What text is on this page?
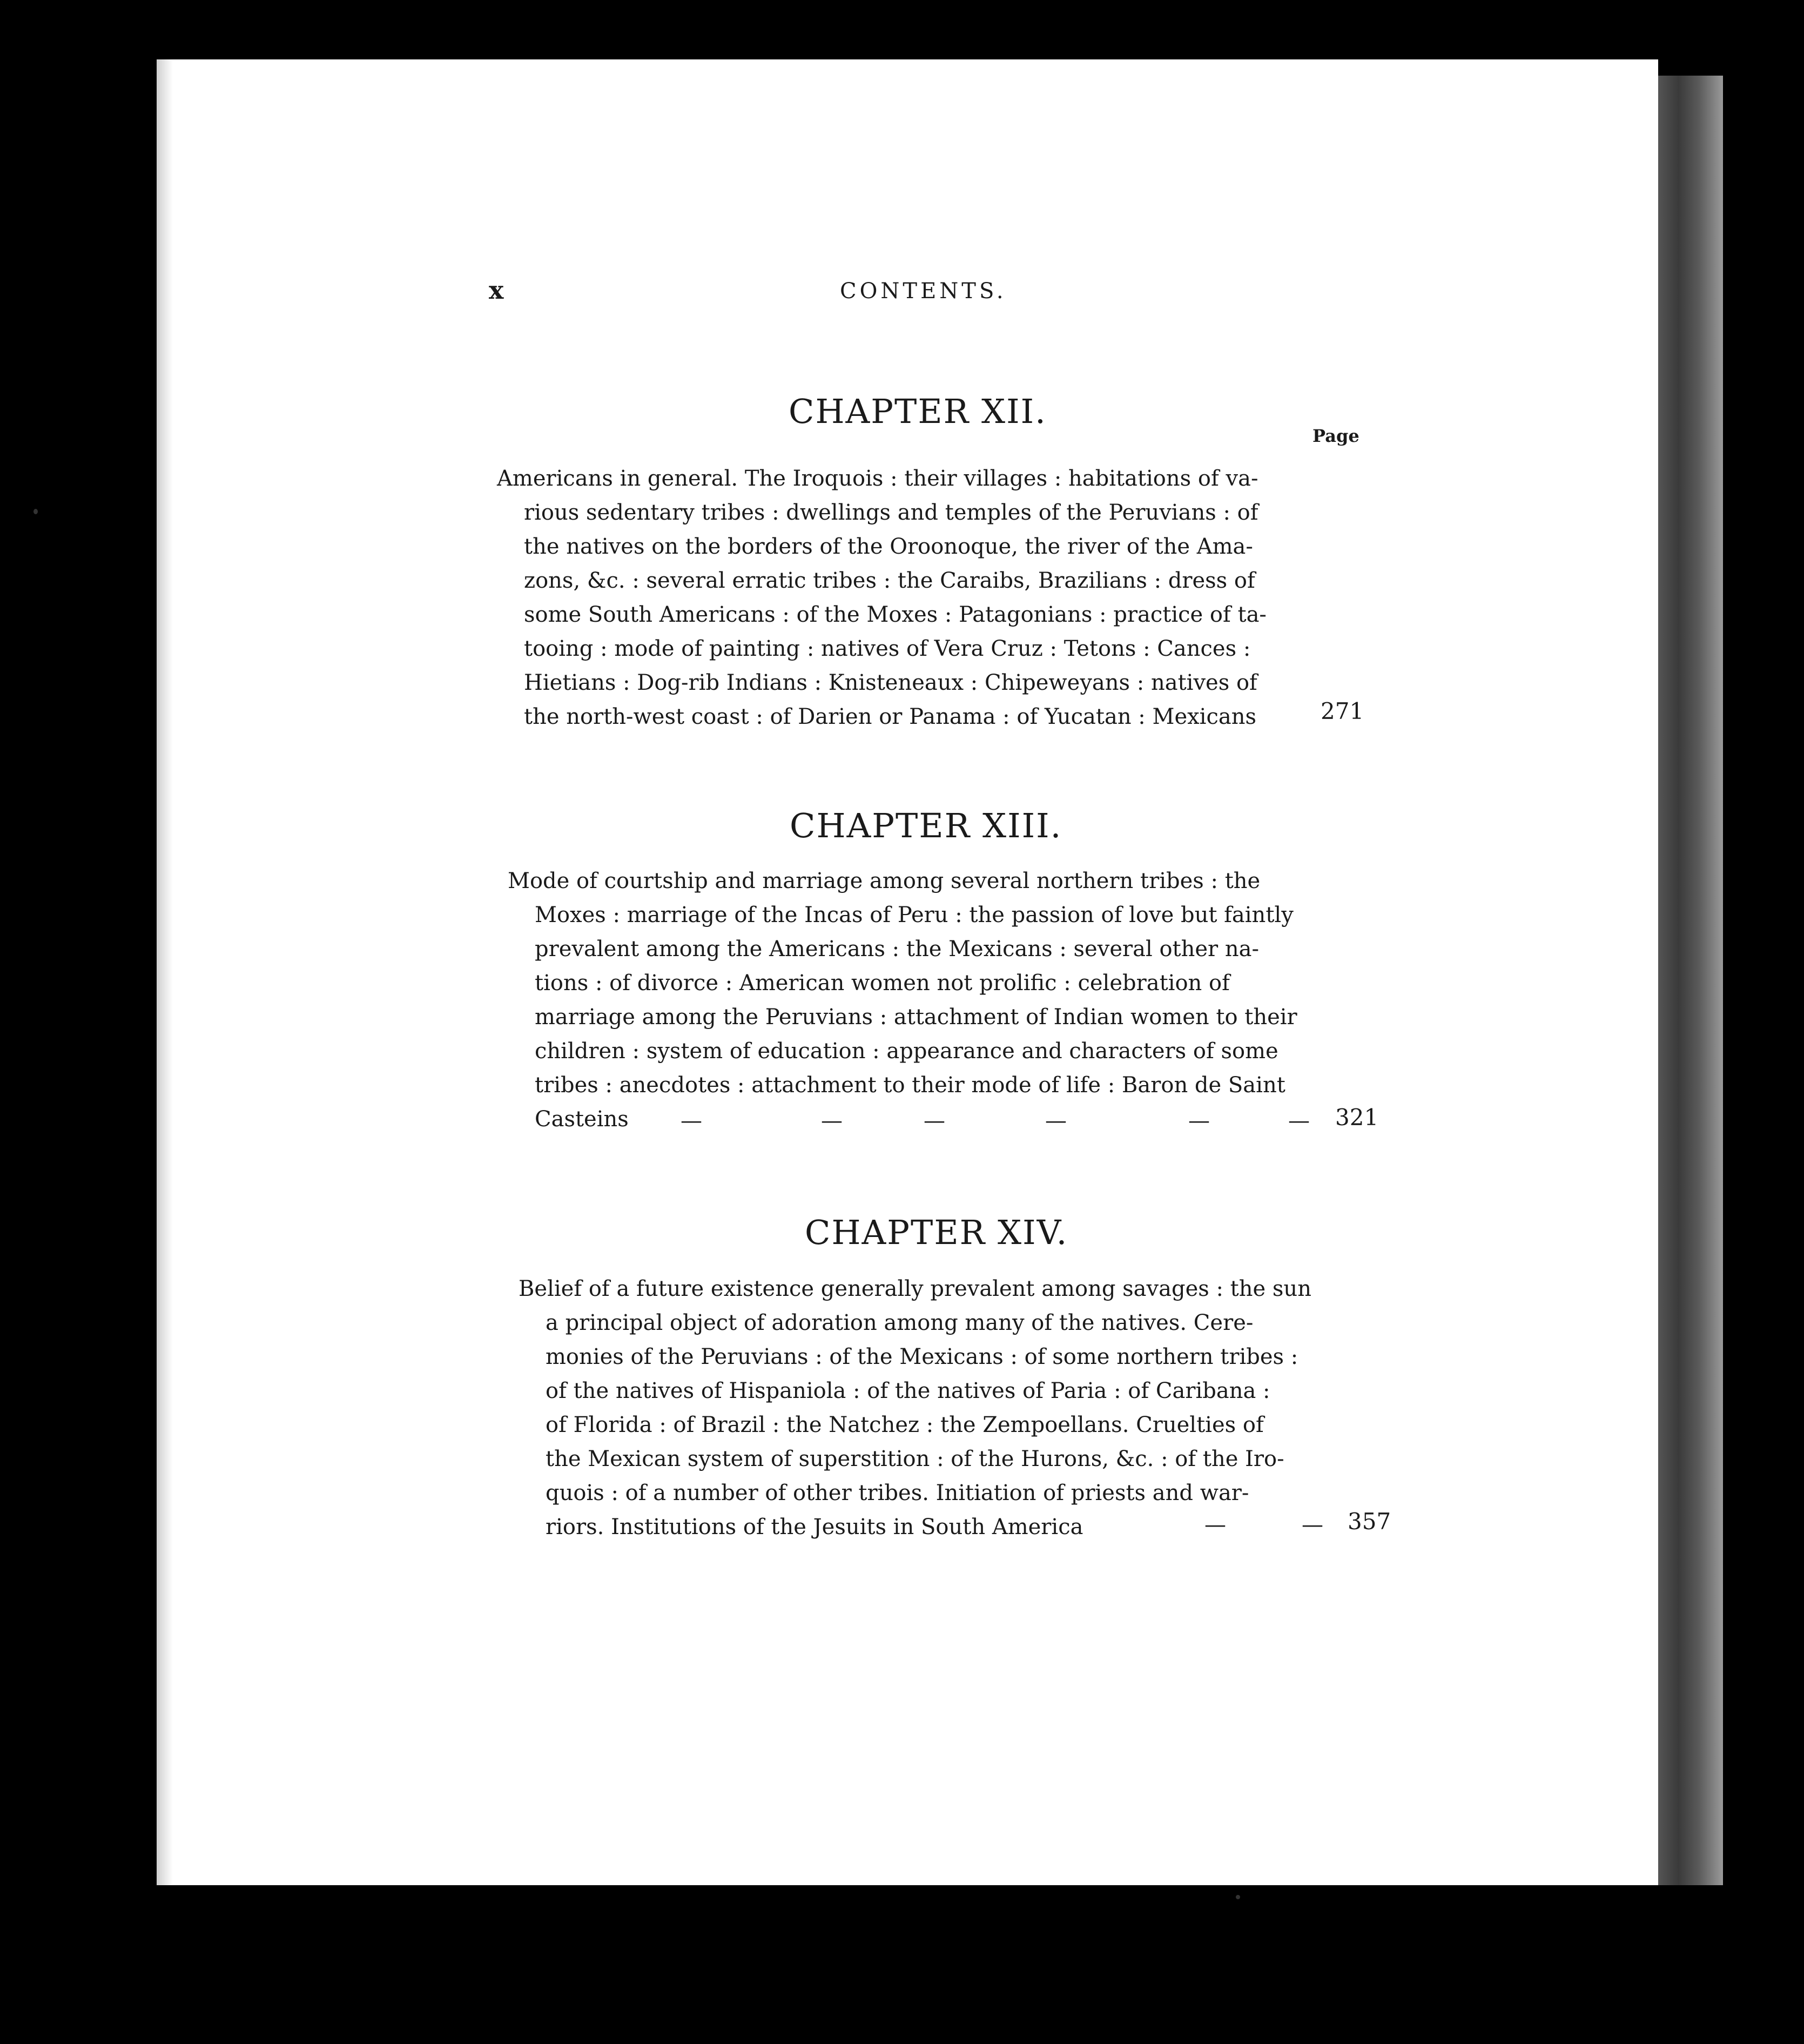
x	CONTENTS.
CHAPTER XII.
Page
Americans in general. The Iroquois : their villages : habitations of va-
rious sedentary tribes : dwellings and temples of the Peruvians : of
the natives on the borders of the Oroonoque, the river of the Ama-
zons, &c. : several erratic tribes : the Caraibs, Brazilians : dress of
some South Americans : of the Moxes : Patagonians : practice of ta-
tooing : mode of painting : natives of Vera Cruz : Tetons : Cances :
Hietians : Dog-rib Indians : Knisteneaux : Chipeweyans : natives of
the north-west coast : of Darien or Panama : of Yucatan : Mexicans	271
CHAPTER XIII.
Mode of courtship and marriage among several northern tribes : the
Moxes : marriage of the Incas of Peru : the passion of love but faintly
prevalent among the Americans : the Mexicans : several other na-
tions : of divorce : American women not prolific : celebration of
marriage among the Peruvians : attachment of Indian women to their
children : system of education : appearance and characters of some
tribes : anecdotes : attachment to their mode of life : Baron de Saint
Casteins	—	—	—	—	—	— 321
CHAPTER XIV.
Belief of a future existence generally prevalent among savages : the sun
a principal object of adoration among many of the natives. Cere-
monies of the Peruvians : of the Mexicans : of some northern tribes :
of the natives of Hispaniola : of the natives of Paria : of Caribana :
of Florida : of Brazil : the Natchez : the Zempoellans. Cruelties of
the Mexican system of superstition : of the Hurons, &c. : of the Iro-
quois : of a number of other tribes. Initiation of priests and war-
riors. Institutions of the Jesuits in South America	—	— 357
